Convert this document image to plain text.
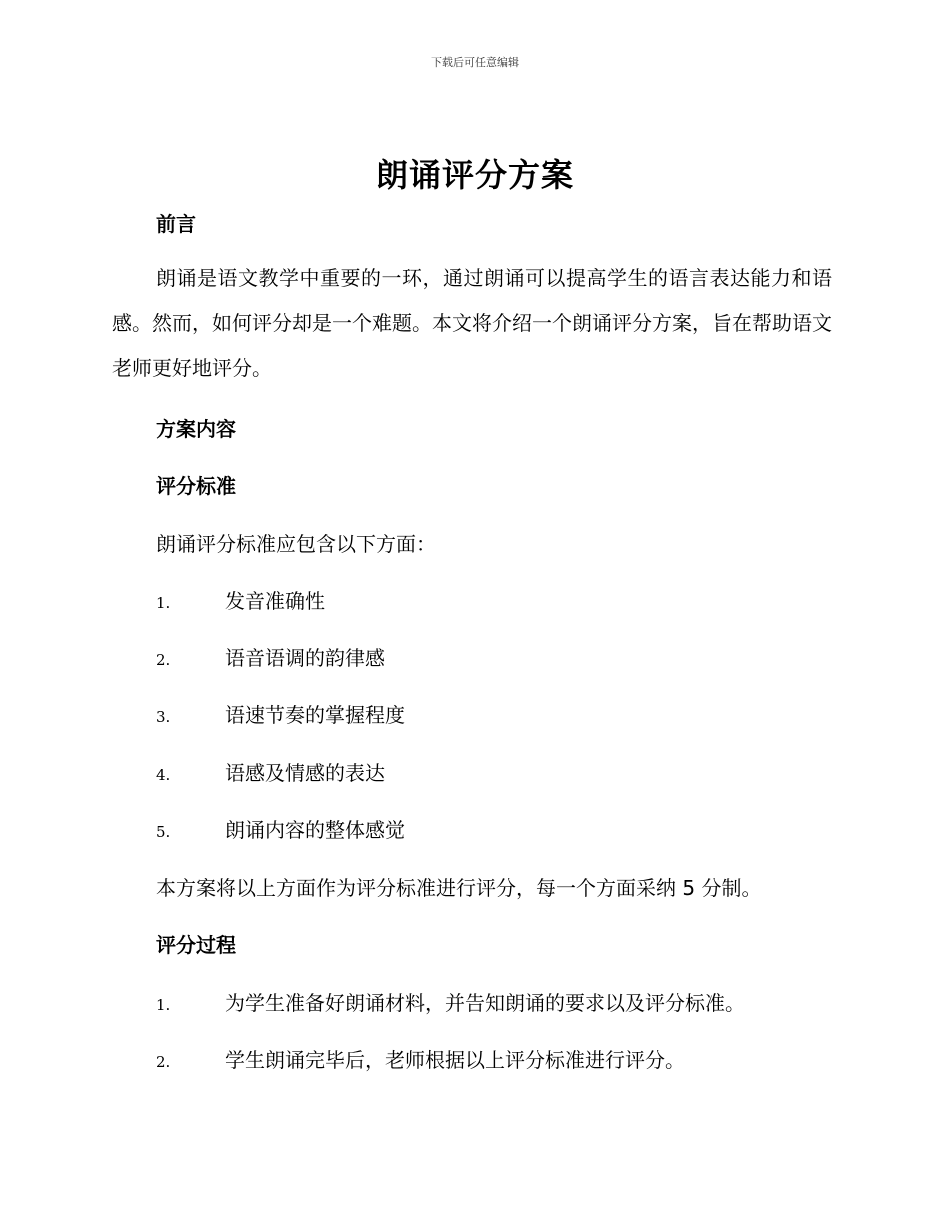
下载后可任意编辑
朗诵评分方案
前言
朗诵是语文教学中重要的一环，通过朗诵可以提高学生的语言表达能力和语感。然而，如何评分却是一个难题。本文将介绍一个朗诵评分方案，旨在帮助语文老师更好地评分。
方案内容
评分标准
朗诵评分标准应包含以下方面：
1.	发音准确性
2.	语音语调的韵律感
3.	语速节奏的掌握程度
4.	语感及情感的表达
5.	朗诵内容的整体感觉
本方案将以上方面作为评分标准进行评分，每一个方面采纳 5 分制。
评分过程
1.	为学生准备好朗诵材料，并告知朗诵的要求以及评分标准。
2.	学生朗诵完毕后，老师根据以上评分标准进行评分。
